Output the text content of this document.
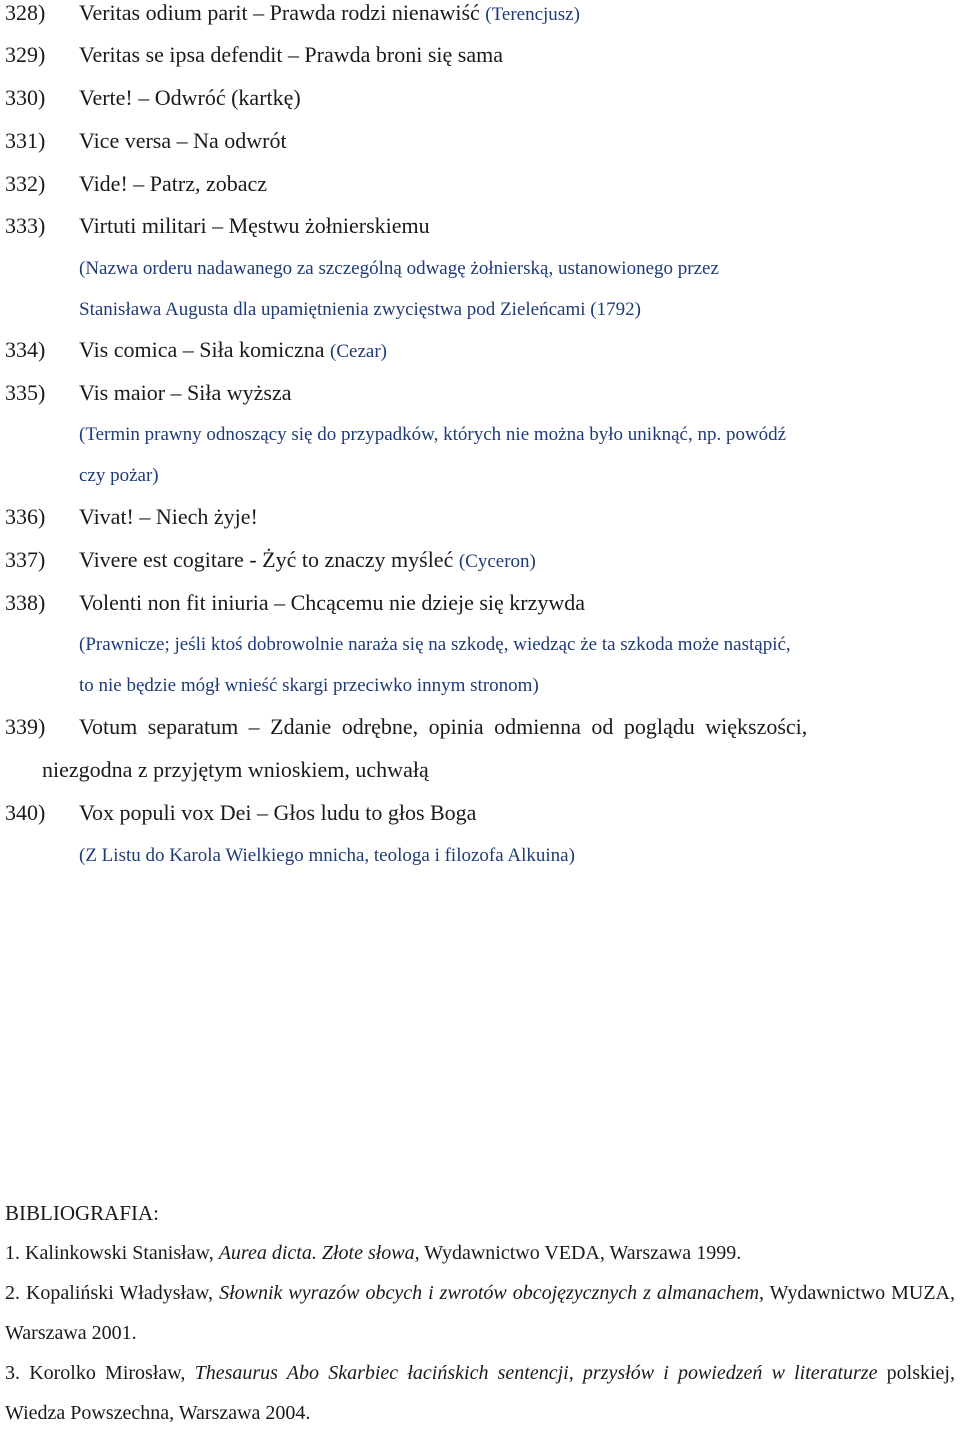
328) Veritas odium parit – Prawda rodzi nienawiść (Terencjusz)
329) Veritas se ipsa defendit – Prawda broni się sama
330) Verte! – Odwróć (kartkę)
331) Vice versa – Na odwrót
332) Vide! – Patrz, zobacz
333) Virtuti militari – Męstwu żołnierskiemu
(Nazwa orderu nadawanego za szczególną odwagę żołnierską, ustanowionego przez
Stanisława Augusta dla upamiętnienia zwycięstwa pod Zieleńcami (1792)
334) Vis comica – Siła komiczna (Cezar)
335) Vis maior – Siła wyższa
(Termin prawny odnoszący się do przypadków, których nie można było uniknąć, np. powódź
czy pożar)
336) Vivat! – Niech żyje!
337) Vivere est cogitare - Żyć to znaczy myśleć (Cyceron)
338) Volenti non fit iniuria – Chcącemu nie dzieje się krzywda
(Prawnicze; jeśli ktoś dobrowolnie naraża się na szkodę, wiedząc że ta szkoda może nastąpić,
to nie będzie mógł wnieść skargi przeciwko innym stronom)
339) Votum separatum – Zdanie odrębne, opinia odmienna od poglądu większości,
niezgodna z przyjętym wnioskiem, uchwałą
340) Vox populi vox Dei – Głos ludu to głos Boga
(Z Listu do Karola Wielkiego mnicha, teologa i filozofa Alkuina)
BIBLIOGRAFIA:
1. Kalinkowski Stanisław, Aurea dicta. Złote słowa, Wydawnictwo VEDA, Warszawa 1999.
2. Kopaliński Władysław, Słownik wyrazów obcych i zwrotów obcojęzycznych z almanachem, Wydawnictwo MUZA, Warszawa 2001.
3. Korolko Mirosław, Thesaurus Abo Skarbiec łacińskich sentencji, przysłów i powiedzeń w literaturze polskiej, Wiedza Powszechna, Warszawa 2004.
